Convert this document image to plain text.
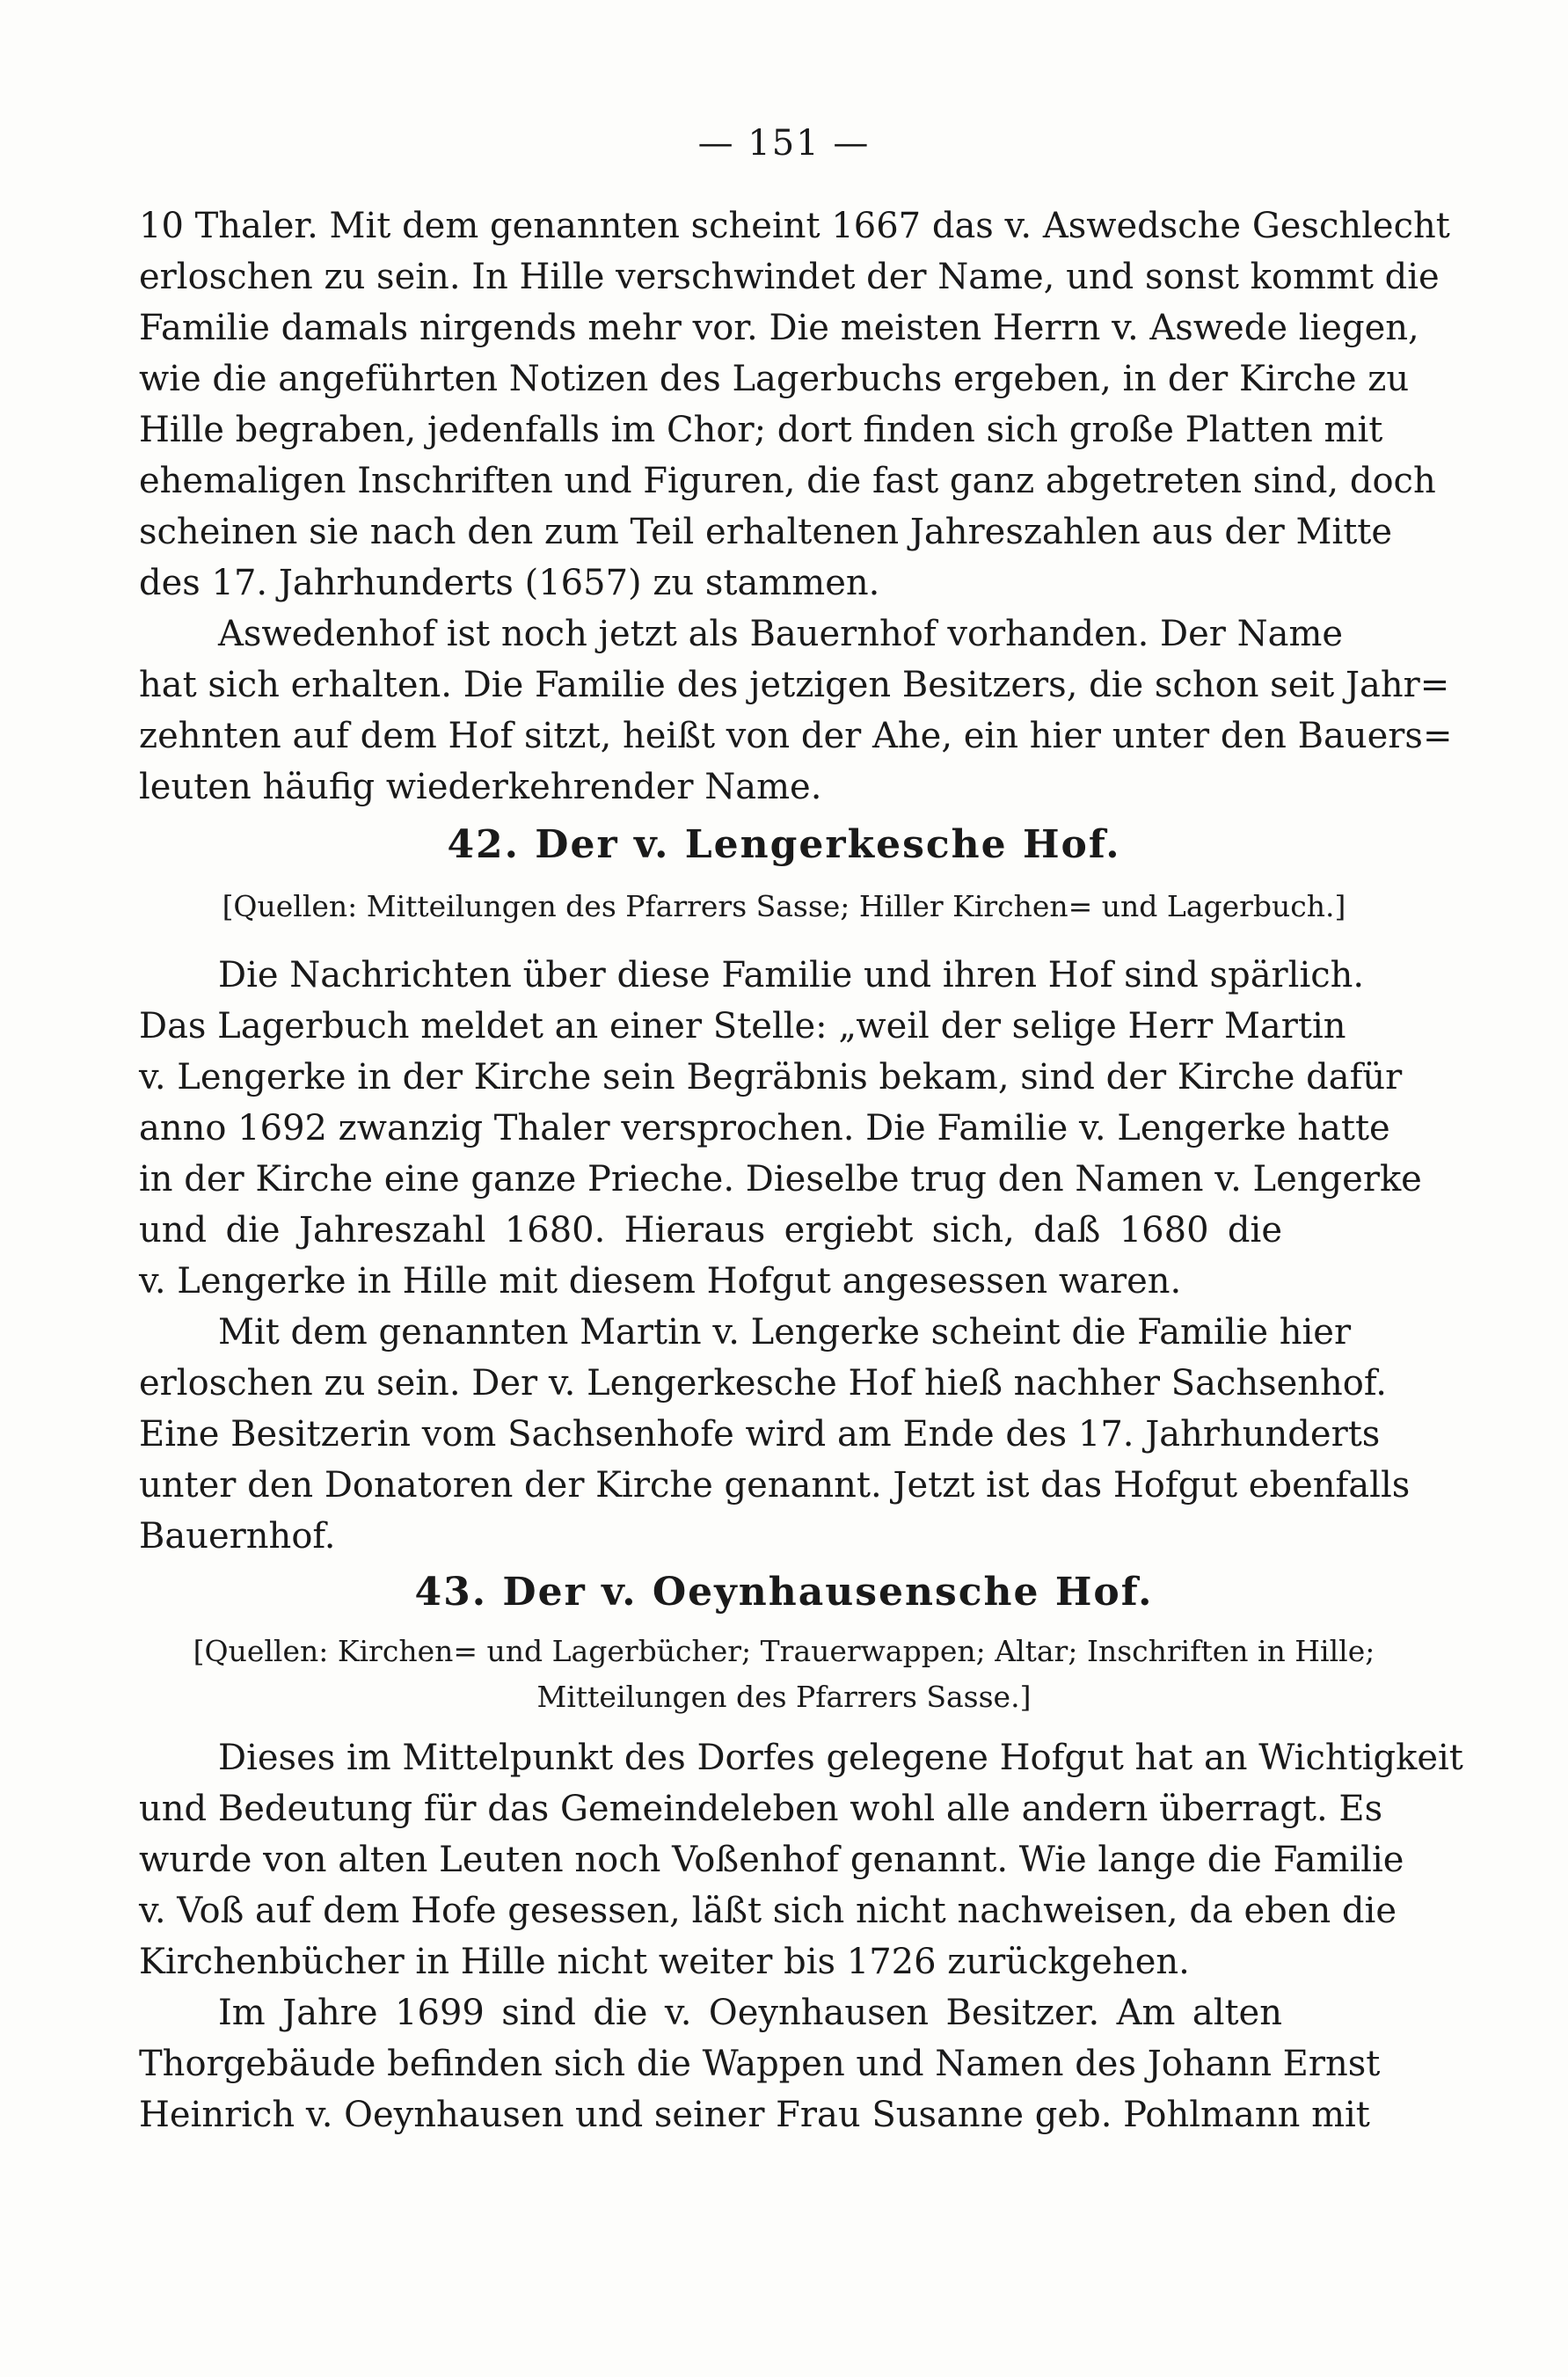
— 151 —
10 Thaler. Mit dem genannten scheint 1667 das v. Aswedsche Geschlecht
erloschen zu sein. In Hille verschwindet der Name, und sonst kommt die
Familie damals nirgends mehr vor. Die meisten Herrn v. Aswede liegen,
wie die angeführten Notizen des Lagerbuchs ergeben, in der Kirche zu
Hille begraben, jedenfalls im Chor; dort finden sich große Platten mit
ehemaligen Inschriften und Figuren, die fast ganz abgetreten sind, doch
scheinen sie nach den zum Teil erhaltenen Jahreszahlen aus der Mitte
des 17. Jahrhunderts (1657) zu stammen.
Aswedenhof ist noch jetzt als Bauernhof vorhanden. Der Name
hat sich erhalten. Die Familie des jetzigen Besitzers, die schon seit Jahr=
zehnten auf dem Hof sitzt, heißt von der Ahe, ein hier unter den Bauers=
leuten häufig wiederkehrender Name.
42. Der v. Lengerkesche Hof.
[Quellen: Mitteilungen des Pfarrers Sasse; Hiller Kirchen= und Lagerbuch.]
Die Nachrichten über diese Familie und ihren Hof sind spärlich.
Das Lagerbuch meldet an einer Stelle: „weil der selige Herr Martin
v. Lengerke in der Kirche sein Begräbnis bekam, sind der Kirche dafür
anno 1692 zwanzig Thaler versprochen. Die Familie v. Lengerke hatte
in der Kirche eine ganze Prieche. Dieselbe trug den Namen v. Lengerke
und die Jahreszahl 1680. Hieraus ergiebt sich, daß 1680 die
v. Lengerke in Hille mit diesem Hofgut angesessen waren.
Mit dem genannten Martin v. Lengerke scheint die Familie hier
erloschen zu sein. Der v. Lengerkesche Hof hieß nachher Sachsenhof.
Eine Besitzerin vom Sachsenhofe wird am Ende des 17. Jahrhunderts
unter den Donatoren der Kirche genannt. Jetzt ist das Hofgut ebenfalls
Bauernhof.
43. Der v. Oeynhausensche Hof.
[Quellen: Kirchen= und Lagerbücher; Trauerwappen; Altar; Inschriften in Hille;
Mitteilungen des Pfarrers Sasse.]
Dieses im Mittelpunkt des Dorfes gelegene Hofgut hat an Wichtigkeit
und Bedeutung für das Gemeindeleben wohl alle andern überragt. Es
wurde von alten Leuten noch Voßenhof genannt. Wie lange die Familie
v. Voß auf dem Hofe gesessen, läßt sich nicht nachweisen, da eben die
Kirchenbücher in Hille nicht weiter bis 1726 zurückgehen.
Im Jahre 1699 sind die v. Oeynhausen Besitzer. Am alten
Thorgebäude befinden sich die Wappen und Namen des Johann Ernst
Heinrich v. Oeynhausen und seiner Frau Susanne geb. Pohlmann mit
